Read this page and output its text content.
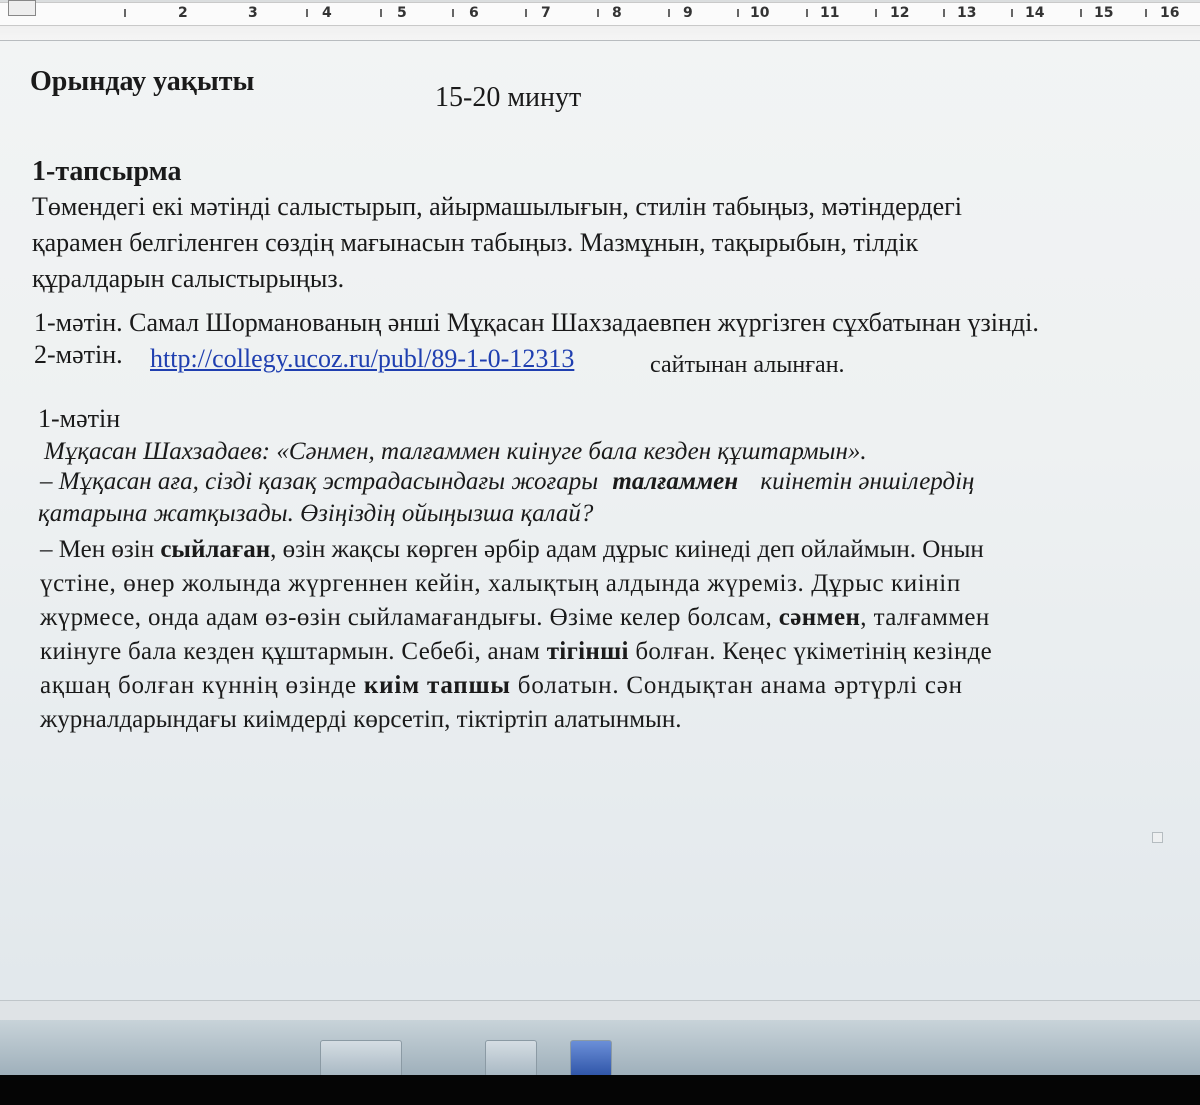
2	3	4	5	6	7	8	9	10	11	12	13	14	15	16
Орындау уақыты
15-20 минут
1-тапсырма
Төмендегі екі мәтінді салыстырып, айырмашылығын, стилін табыңыз, мәтіндердегі
қарамен белгіленген сөздің мағынасын табыңыз. Мазмұнын, тақырыбын, тілдік
құралдарын салыстырыңыз.
1-мәтін. Самал Шормановaның әнші Мұқасан Шахзадаевпен жүргізген сұхбатынан үзінді.
2-мәтін. http://collegy.ucoz.ru/publ/89-1-0-12313	сайтынан алынған.
1-мәтін
Мұқасан Шахзадаев: «Сәнмен, талғаммен киінуге бала кезден құштармын».
– Мұқасан аға, сізді қазақ эстрадасындағы жоғары талғаммен киінетін әншілердің
қатарына жатқызады. Өзіңіздің ойыңызша қалай?
– Мен өзін сыйлаған, өзін жақсы көрген әрбір адам дұрыс киінеді деп ойлаймын. Онын
үстіне, өнер жолында жүргеннен кейін, халықтың алдында жүреміз. Дұрыс киініп
жүрмесе, онда адам өз-өзін сыйламағандығы. Өзіме келер болсам, сәнмен, талғаммен
киінуге бала кезден құштармын. Себебі, анам тігінші болған. Кеңес үкіметінің кезінде
ақшаң болған күннің өзінде киім тапшы болатын. Сондықтан анама әртүрлі сән
журналдарындағы киімдерді көрсетіп, тіктіртіп алатынмын.
